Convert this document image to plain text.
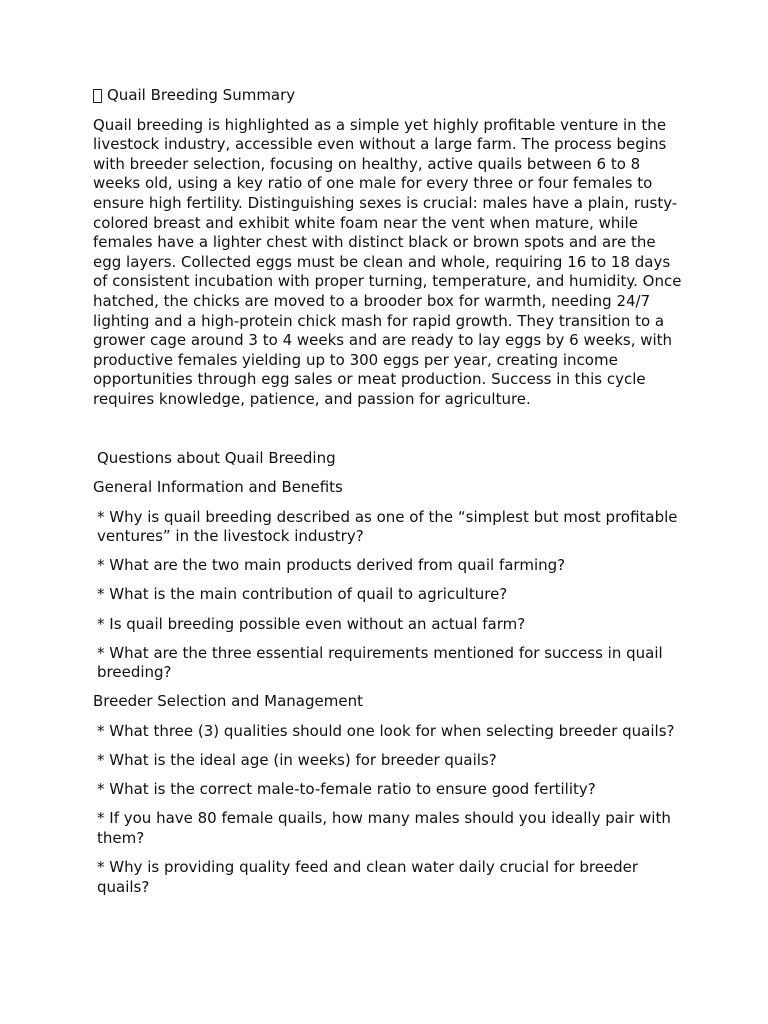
Quail Breeding Summary

Quail breeding is highlighted as a simple yet highly profitable venture in the livestock industry, accessible even without a large farm. The process begins with breeder selection, focusing on healthy, active quails between 6 to 8 weeks old, using a key ratio of one male for every three or four females to ensure high fertility. Distinguishing sexes is crucial: males have a plain, rusty-colored breast and exhibit white foam near the vent when mature, while females have a lighter chest with distinct black or brown spots and are the egg layers. Collected eggs must be clean and whole, requiring 16 to 18 days of consistent incubation with proper turning, temperature, and humidity. Once hatched, the chicks are moved to a brooder box for warmth, needing 24/7 lighting and a high-protein chick mash for rapid growth. They transition to a grower cage around 3 to 4 weeks and are ready to lay eggs by 6 weeks, with productive females yielding up to 300 eggs per year, creating income opportunities through egg sales or meat production. Success in this cycle requires knowledge, patience, and passion for agriculture.

Questions about Quail Breeding
General Information and Benefits
* Why is quail breeding described as one of the “simplest but most profitable ventures” in the livestock industry?
* What are the two main products derived from quail farming?
* What is the main contribution of quail to agriculture?
* Is quail breeding possible even without an actual farm?
* What are the three essential requirements mentioned for success in quail breeding?
Breeder Selection and Management
* What three (3) qualities should one look for when selecting breeder quails?
* What is the ideal age (in weeks) for breeder quails?
* What is the correct male-to-female ratio to ensure good fertility?
* If you have 80 female quails, how many males should you ideally pair with them?
* Why is providing quality feed and clean water daily crucial for breeder quails?
